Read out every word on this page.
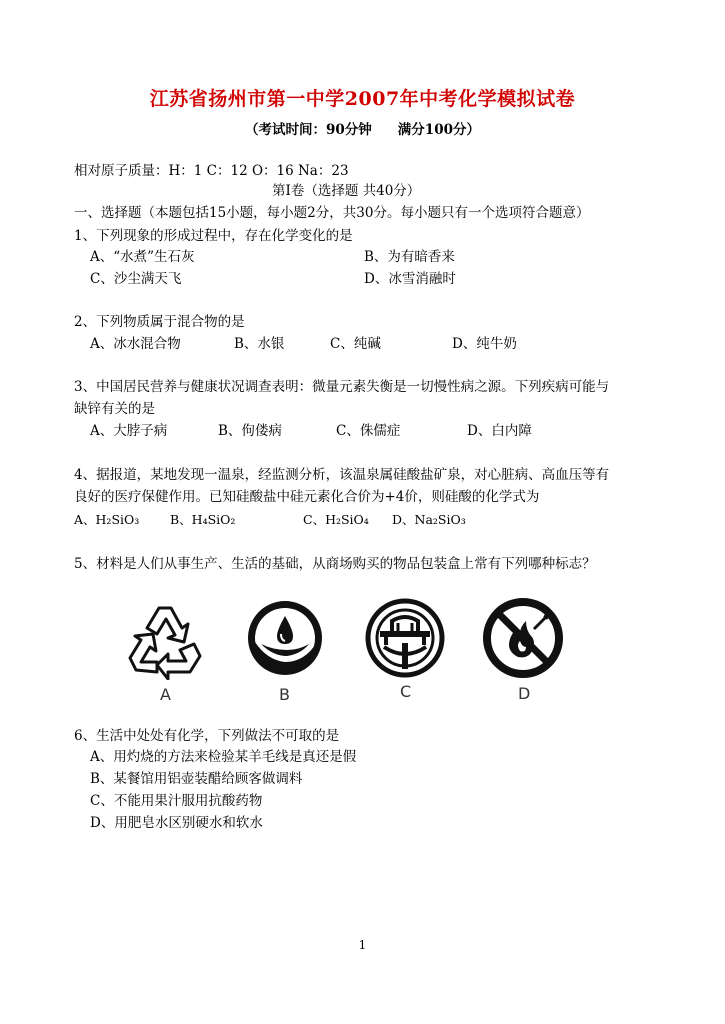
江苏省扬州市第一中学2007年中考化学模拟试卷
（考试时间：90分钟 满分100分）
相对原子质量：H：1 C：12 O：16 Na：23
第Ⅰ卷（选择题 共40分）
一、选择题（本题包括15小题，每小题2分，共30分。每小题只有一个选项符合题意）
1、下列现象的形成过程中，存在化学变化的是
A、“水煮”生石灰	B、为有暗香来
C、沙尘满天飞	D、冰雪消融时
2、下列物质属于混合物的是
A、冰水混合物	B、水银	C、纯碱	D、纯牛奶
3、中国居民营养与健康状况调查表明：微量元素失衡是一切慢性病之源。下列疾病可能与
缺锌有关的是
A、大脖子病	B、佝偻病	C、侏儒症	D、白内障
4、据报道，某地发现一温泉，经监测分析，该温泉属硅酸盐矿泉，对心脏病、高血压等有
良好的医疗保健作用。已知硅酸盐中硅元素化合价为+4价，则硅酸的化学式为
A、H₂SiO₃ B、H₄SiO₂	C、H₂SiO₄ D、Na₂SiO₃
5、材料是人们从事生产、生活的基础，从商场购买的物品包装盒上常有下列哪种标志？
A	B	C	D
6、生活中处处有化学，下列做法不可取的是
A、用灼烧的方法来检验某羊毛线是真还是假
B、某餐馆用铝壶装醋给顾客做调料
C、不能用果汁服用抗酸药物
D、用肥皂水区别硬水和软水
1
